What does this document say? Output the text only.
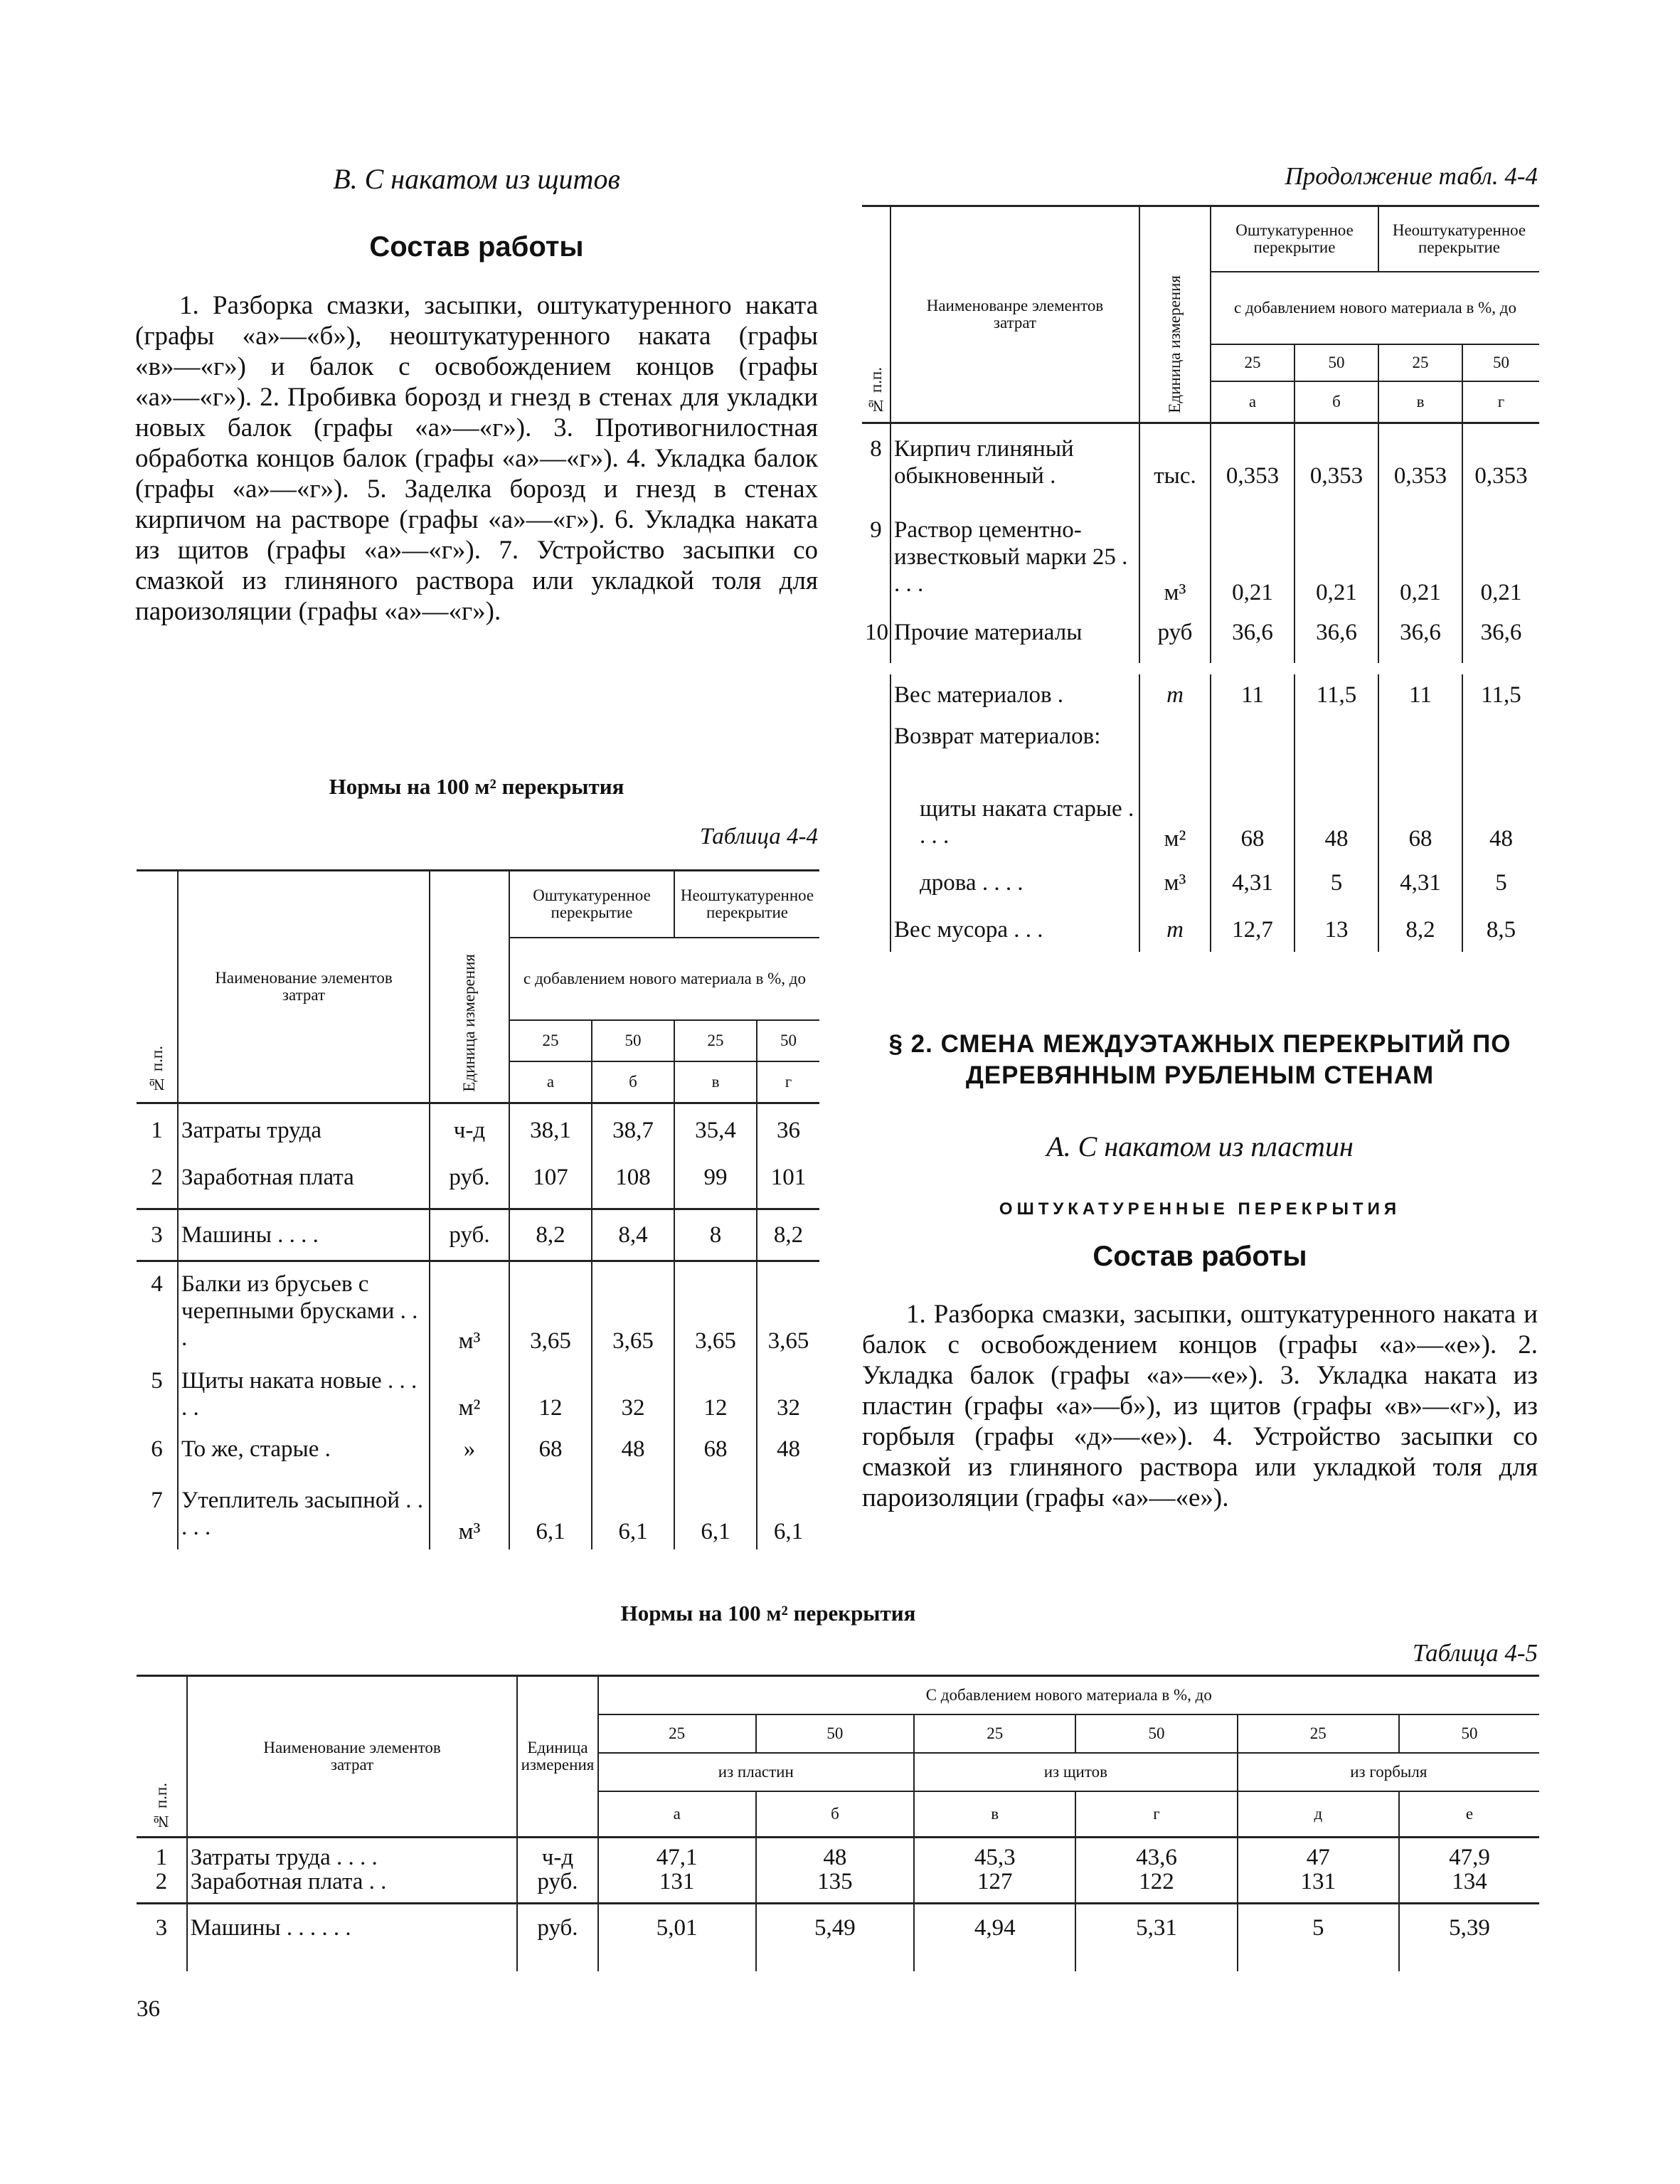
В. С накатом из щитов
Состав работы
1. Разборка смазки, засыпки, оштукатуренного наката (графы «а»—«б»), неоштукатуренного наката (графы «в»—«г») и балок с освобождением концов (графы «а»—«г»). 2. Пробивка борозд и гнезд в стенах для укладки новых балок (графы «а»—«г»). 3. Противогнилостная обработка концов балок (графы «а»—«г»). 4. Укладка балок (графы «а»—«г»). 5. Заделка борозд и гнезд в стенах кирпичом на растворе (графы «а»—«г»). 6. Укладка наката из щитов (графы «а»—«г»). 7. Устройство засыпки со смазкой из глиняного раствора или укладкой толя для пароизоляции (графы «а»—«г»).
Нормы на 100 м² перекрытия
Таблица 4-4
№ п.п.	Наименование элементов затрат	Единица измерения	Оштукатуренное перекрытие		Неоштукатуренное перекрытие	
			с добавлением нового материала в %, до			
			25	50	25	50
			а	б	в	г
1	Затраты труда	ч-д	38,1	38,7	35,4	36
2	Заработная плата	руб.	107	108	99	101
3	Машины . . . .	руб.	8,2	8,4	8	8,2
4	Балки из брусьев с черепными брусками . . .	м³	3,65	3,65	3,65	3,65
5	Щиты наката новые . . . . .	м²	12	32	12	32
6	То же, старые .	»	68	48	68	48
7	Утеплитель засыпной . . . . .	м³	6,1	6,1	6,1	6,1
Продолжение табл. 4-4
№ п.п.	Наименованре элементов затрат	Единица измерения	Оштукатуренное перекрытие		Неоштукатуренное перекрытие	
			с добавлением нового материала в %, до			
			25	50	25	50
			а	б	в	г
8	Кирпич глиняный обыкновенный .	тыс.	0,353	0,353	0,353	0,353
9	Раствор цементно-известковый марки 25 . . . .	м³	0,21	0,21	0,21	0,21
10	Прочие материалы	руб	36,6	36,6	36,6	36,6
	Вес материалов .	т	11	11,5	11	11,5
	Возврат материалов:					
	щиты наката старые . . . .	м²	68	48	68	48
	дрова . . . .	м³	4,31	5	4,31	5
	Вес мусора . . .	т	12,7	13	8,2	8,5
§ 2. СМЕНА МЕЖДУЭТАЖНЫХ ПЕРЕКРЫТИЙ ПО ДЕРЕВЯННЫМ РУБЛЕНЫМ СТЕНАМ
А. С накатом из пластин
ОШТУКАТУРЕННЫЕ ПЕРЕКРЫТИЯ
Состав работы
1. Разборка смазки, засыпки, оштукатуренного наката и балок с освобождением концов (графы «а»—«е»). 2. Укладка балок (графы «а»—«е»). 3. Укладка наката из пластин (графы «а»—б»), из щитов (графы «в»—«г»), из горбыля (графы «д»—«е»). 4. Устройство засыпки со смазкой из глиняного раствора или укладкой толя для пароизоляции (графы «а»—«е»).
Нормы на 100 м² перекрытия
Таблица 4-5
№ п.п.	Наименование элементов затрат	Единица измерения	С добавлением нового материала в %, до					
			25	50	25	50	25	50
			из пластин		из щитов		из горбыля	
			а	б	в	г	д	е
1	Затраты труда . . . .	ч-д	47,1	48	45,3	43,6	47	47,9
2	Заработная плата . .	руб.	131	135	127	122	131	134
3	Машины . . . . . .	руб.	5,01	5,49	4,94	5,31	5	5,39
36
